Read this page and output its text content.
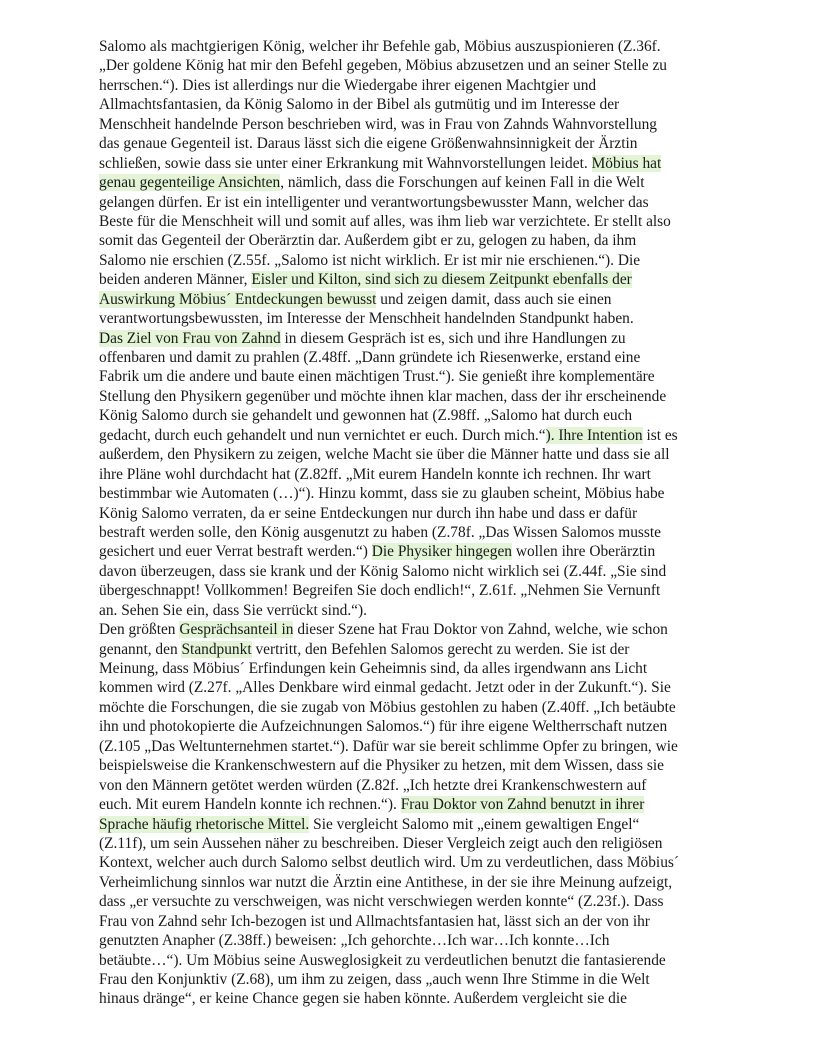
Salomo als machtgierigen König, welcher ihr Befehle gab, Möbius auszuspionieren (Z.36f.
„Der goldene König hat mir den Befehl gegeben, Möbius abzusetzen und an seiner Stelle zu
herrschen.“). Dies ist allerdings nur die Wiedergabe ihrer eigenen Machtgier und
Allmachtsfantasien, da König Salomo in der Bibel als gutmütig und im Interesse der
Menschheit handelnde Person beschrieben wird, was in Frau von Zahnds Wahnvorstellung
das genaue Gegenteil ist. Daraus lässt sich die eigene Größenwahnsinnigkeit der Ärztin
schließen, sowie dass sie unter einer Erkrankung mit Wahnvorstellungen leidet. Möbius hat
genau gegenteilige Ansichten, nämlich, dass die Forschungen auf keinen Fall in die Welt
gelangen dürfen. Er ist ein intelligenter und verantwortungsbewusster Mann, welcher das
Beste für die Menschheit will und somit auf alles, was ihm lieb war verzichtete. Er stellt also
somit das Gegenteil der Oberärztin dar. Außerdem gibt er zu, gelogen zu haben, da ihm
Salomo nie erschien (Z.55f. „Salomo ist nicht wirklich. Er ist mir nie erschienen.“). Die
beiden anderen Männer, Eisler und Kilton, sind sich zu diesem Zeitpunkt ebenfalls der
Auswirkung Möbius´ Entdeckungen bewusst und zeigen damit, dass auch sie einen
verantwortungsbewussten, im Interesse der Menschheit handelnden Standpunkt haben.
Das Ziel von Frau von Zahnd in diesem Gespräch ist es, sich und ihre Handlungen zu
offenbaren und damit zu prahlen (Z.48ff. „Dann gründete ich Riesenwerke, erstand eine
Fabrik um die andere und baute einen mächtigen Trust.“). Sie genießt ihre komplementäre
Stellung den Physikern gegenüber und möchte ihnen klar machen, dass der ihr erscheinende
König Salomo durch sie gehandelt und gewonnen hat (Z.98ff. „Salomo hat durch euch
gedacht, durch euch gehandelt und nun vernichtet er euch. Durch mich.“). Ihre Intention ist es
außerdem, den Physikern zu zeigen, welche Macht sie über die Männer hatte und dass sie all
ihre Pläne wohl durchdacht hat (Z.82ff. „Mit eurem Handeln konnte ich rechnen. Ihr wart
bestimmbar wie Automaten (…)“). Hinzu kommt, dass sie zu glauben scheint, Möbius habe
König Salomo verraten, da er seine Entdeckungen nur durch ihn habe und dass er dafür
bestraft werden solle, den König ausgenutzt zu haben (Z.78f. „Das Wissen Salomos musste
gesichert und euer Verrat bestraft werden.“) Die Physiker hingegen wollen ihre Oberärztin
davon überzeugen, dass sie krank und der König Salomo nicht wirklich sei (Z.44f. „Sie sind
übergeschnappt! Vollkommen! Begreifen Sie doch endlich!“, Z.61f. „Nehmen Sie Vernunft
an. Sehen Sie ein, dass Sie verrückt sind.“).
Den größten Gesprächsanteil in dieser Szene hat Frau Doktor von Zahnd, welche, wie schon
genannt, den Standpunkt vertritt, den Befehlen Salomos gerecht zu werden. Sie ist der
Meinung, dass Möbius´ Erfindungen kein Geheimnis sind, da alles irgendwann ans Licht
kommen wird (Z.27f. „Alles Denkbare wird einmal gedacht. Jetzt oder in der Zukunft.“). Sie
möchte die Forschungen, die sie zugab von Möbius gestohlen zu haben (Z.40ff. „Ich betäubte
ihn und photokopierte die Aufzeichnungen Salomos.“) für ihre eigene Weltherrschaft nutzen
(Z.105 „Das Weltunternehmen startet.“). Dafür war sie bereit schlimme Opfer zu bringen, wie
beispielsweise die Krankenschwestern auf die Physiker zu hetzen, mit dem Wissen, dass sie
von den Männern getötet werden würden (Z.82f. „Ich hetzte drei Krankenschwestern auf
euch. Mit eurem Handeln konnte ich rechnen.“). Frau Doktor von Zahnd benutzt in ihrer
Sprache häufig rhetorische Mittel. Sie vergleicht Salomo mit „einem gewaltigen Engel“
(Z.11f), um sein Aussehen näher zu beschreiben. Dieser Vergleich zeigt auch den religiösen
Kontext, welcher auch durch Salomo selbst deutlich wird. Um zu verdeutlichen, dass Möbius´
Verheimlichung sinnlos war nutzt die Ärztin eine Antithese, in der sie ihre Meinung aufzeigt,
dass „er versuchte zu verschweigen, was nicht verschwiegen werden konnte“ (Z.23f.). Dass
Frau von Zahnd sehr Ich-bezogen ist und Allmachtsfantasien hat, lässt sich an der von ihr
genutzten Anapher (Z.38ff.) beweisen: „Ich gehorchte…Ich war…Ich konnte…Ich
betäubte…“). Um Möbius seine Ausweglosigkeit zu verdeutlichen benutzt die fantasierende
Frau den Konjunktiv (Z.68), um ihm zu zeigen, dass „auch wenn Ihre Stimme in die Welt
hinaus dränge“, er keine Chance gegen sie haben könnte. Außerdem vergleicht sie die
